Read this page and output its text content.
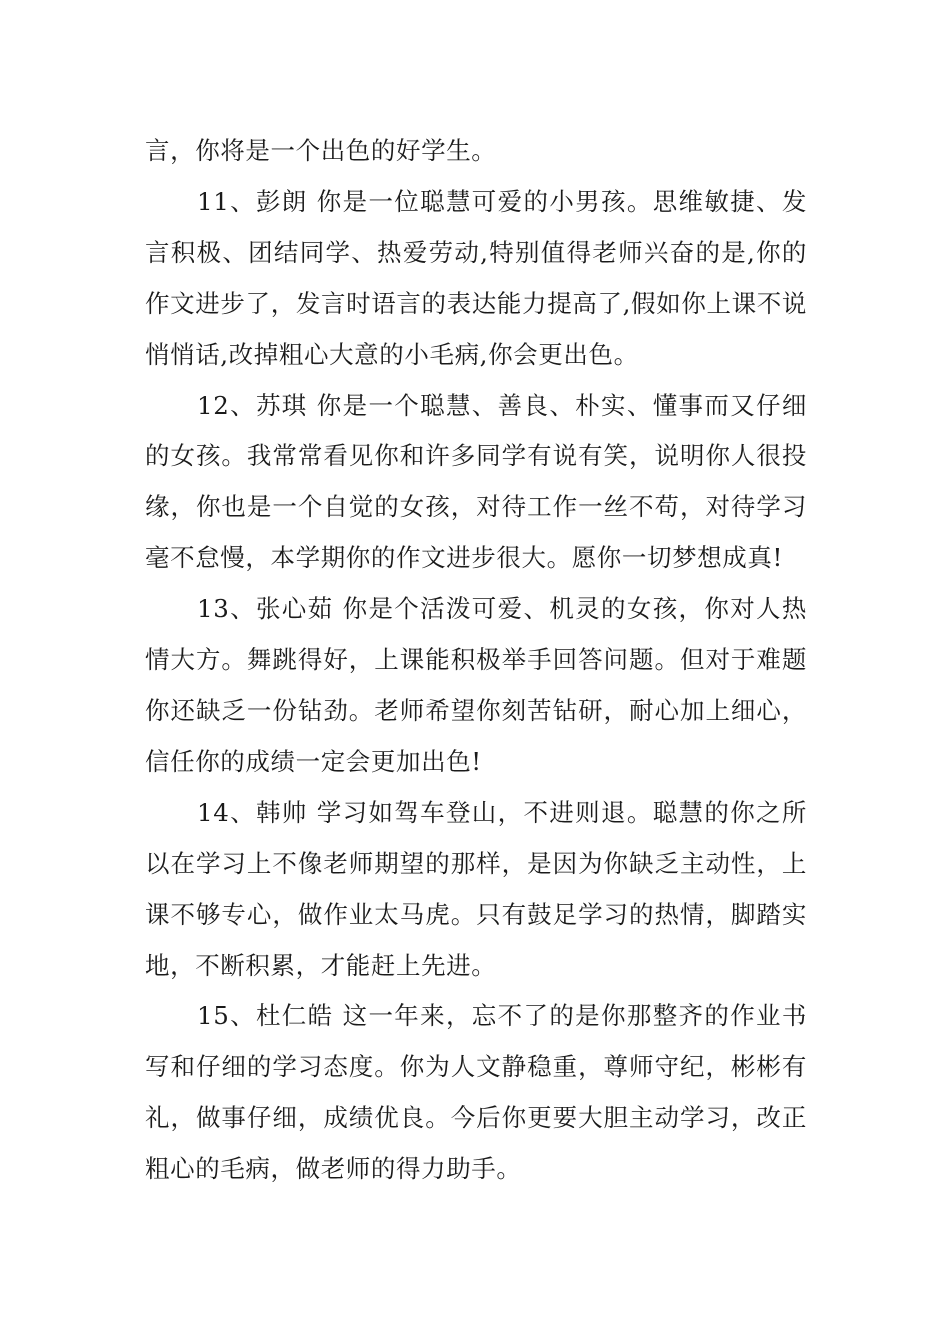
言，你将是一个出色的好学生。

11、彭朗 你是一位聪慧可爱的小男孩。思维敏捷、发言积极、团结同学、热爱劳动,特别值得老师兴奋的是,你的作文进步了，发言时语言的表达能力提高了,假如你上课不说悄悄话,改掉粗心大意的小毛病,你会更出色。

12、苏琪 你是一个聪慧、善良、朴实、懂事而又仔细的女孩。我常常看见你和许多同学有说有笑，说明你人很投缘，你也是一个自觉的女孩，对待工作一丝不苟，对待学习毫不怠慢，本学期你的作文进步很大。愿你一切梦想成真!

13、张心茹 你是个活泼可爱、机灵的女孩，你对人热情大方。舞跳得好，上课能积极举手回答问题。但对于难题你还缺乏一份钻劲。老师希望你刻苦钻研，耐心加上细心，信任你的成绩一定会更加出色!

14、韩帅 学习如驾车登山，不进则退。聪慧的你之所以在学习上不像老师期望的那样，是因为你缺乏主动性，上课不够专心，做作业太马虎。只有鼓足学习的热情，脚踏实地，不断积累，才能赶上先进。

15、杜仁皓 这一年来，忘不了的是你那整齐的作业书写和仔细的学习态度。你为人文静稳重，尊师守纪，彬彬有礼，做事仔细，成绩优良。今后你更要大胆主动学习，改正粗心的毛病，做老师的得力助手。
